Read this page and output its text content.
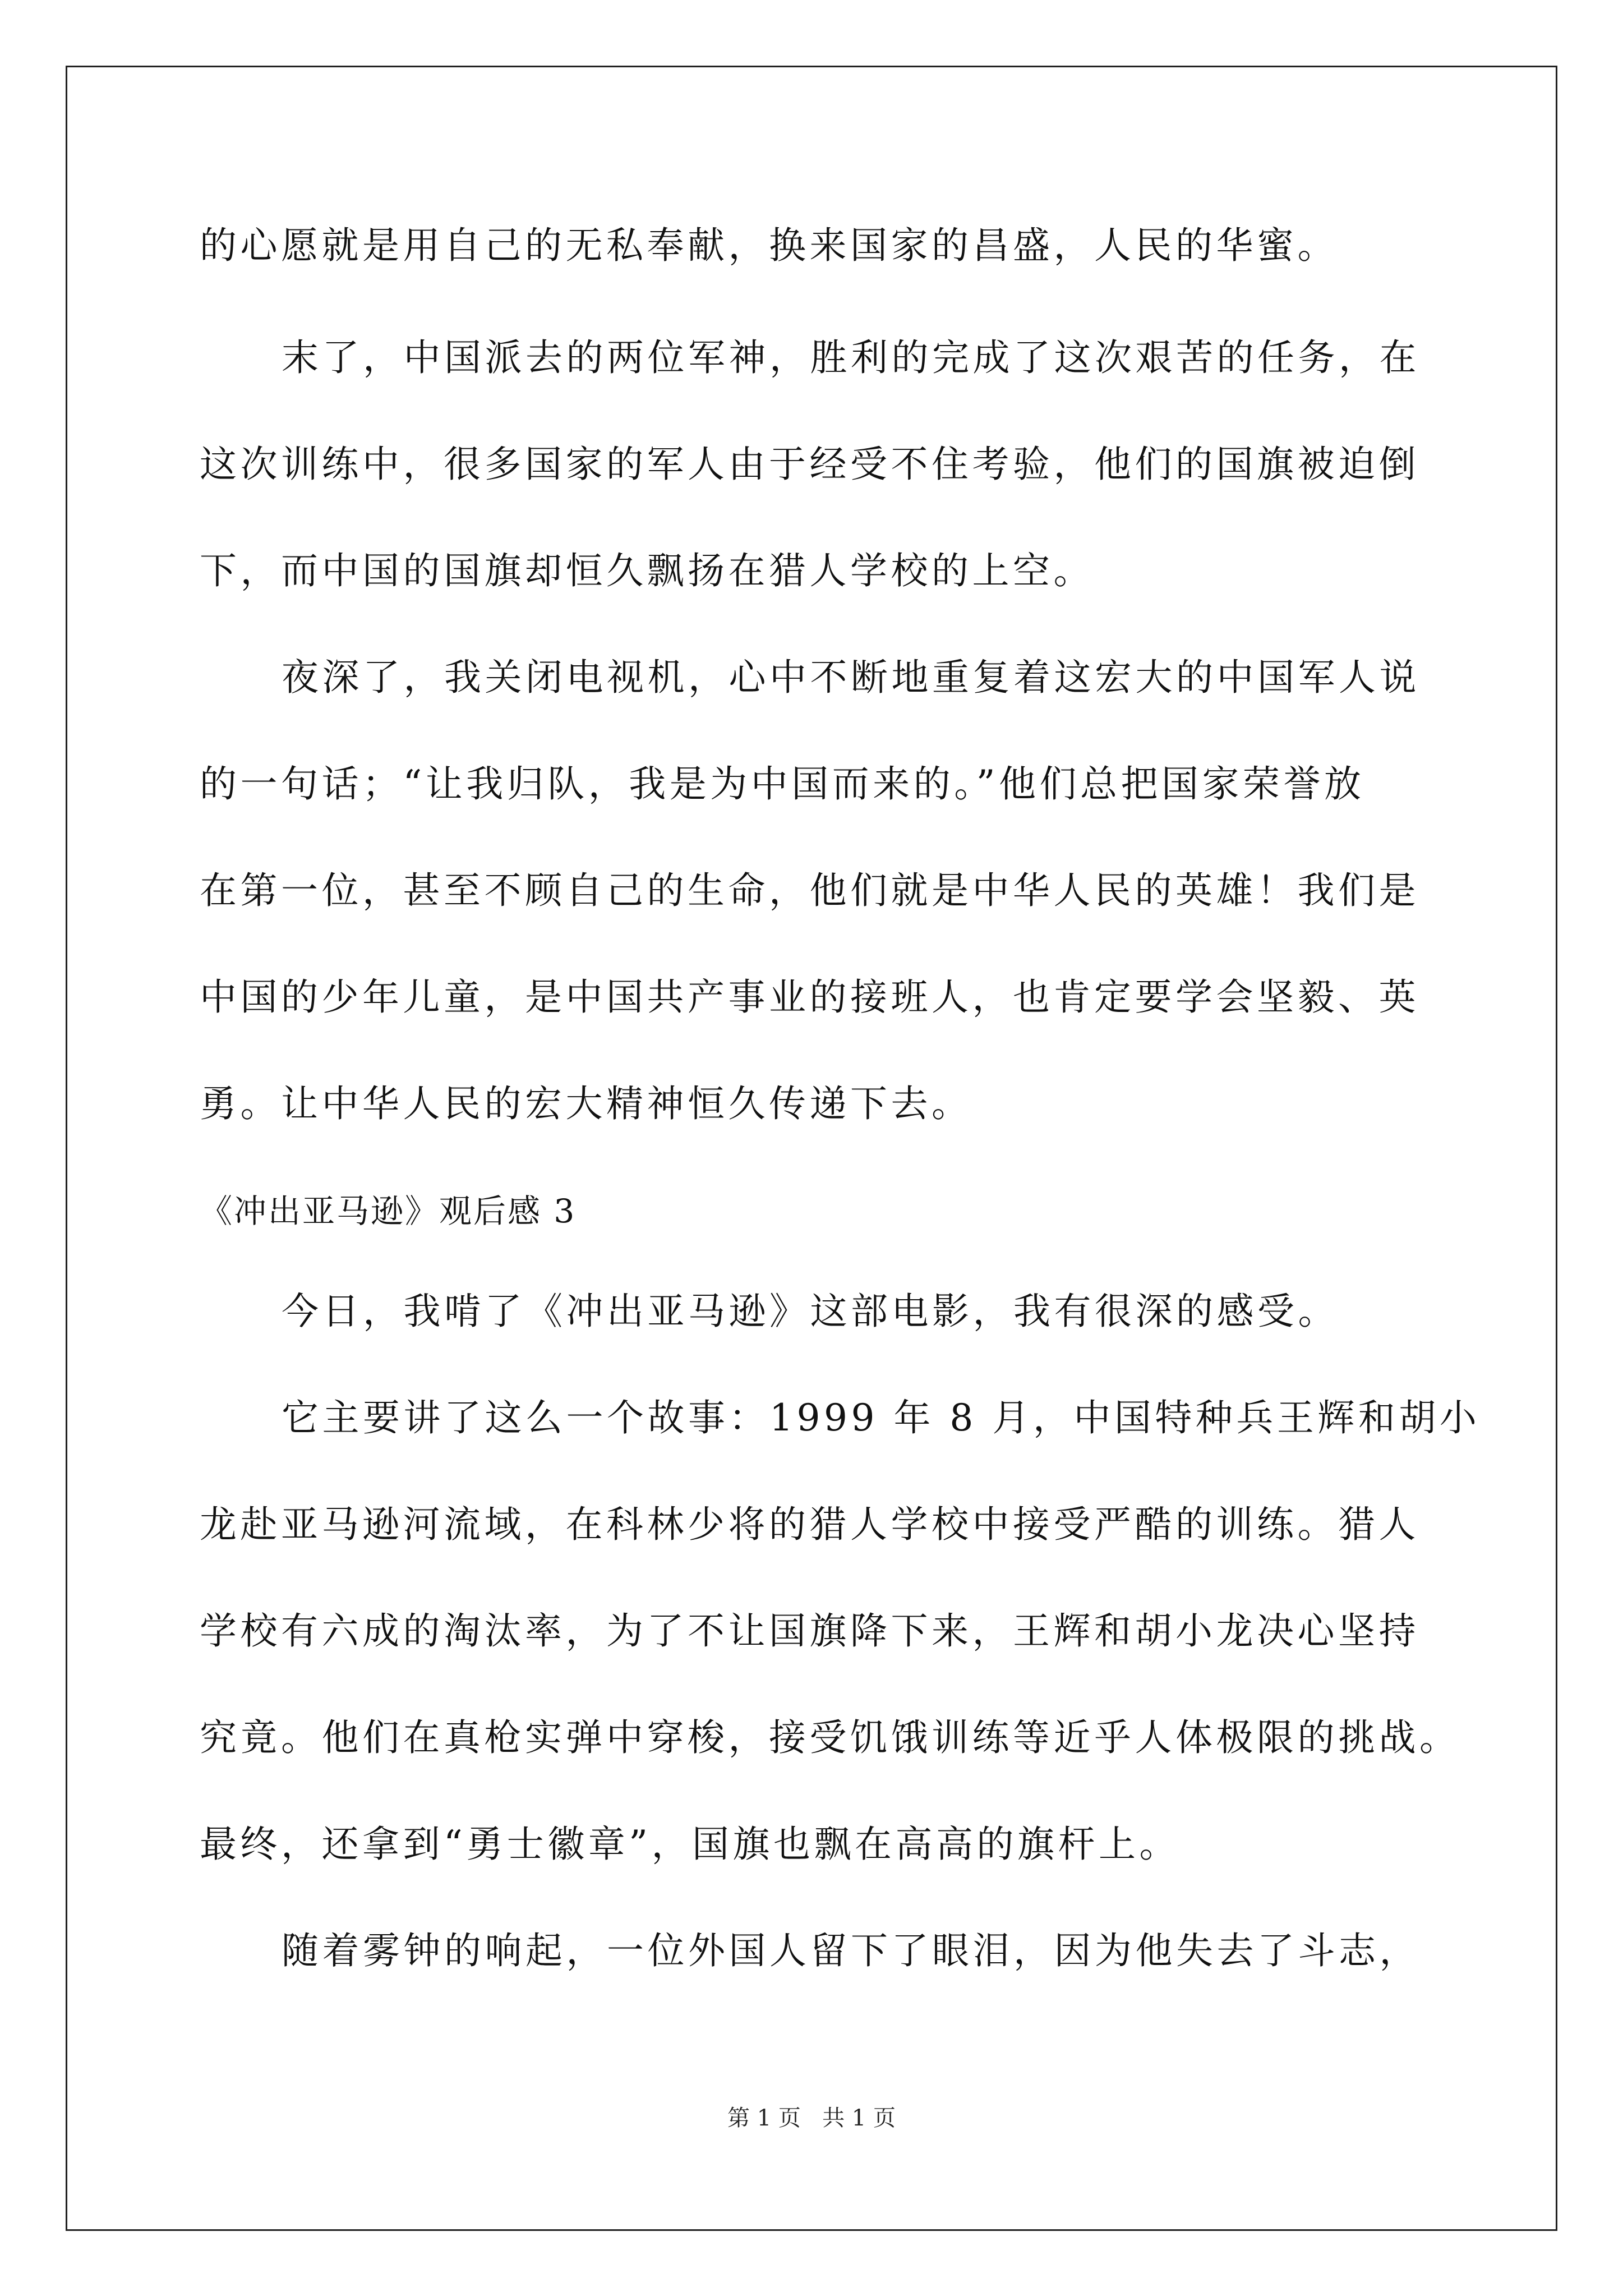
的心愿就是用自己的无私奉献，换来国家的昌盛，人民的华蜜。
末了，中国派去的两位军神，胜利的完成了这次艰苦的任务，在
这次训练中，很多国家的军人由于经受不住考验，他们的国旗被迫倒
下，而中国的国旗却恒久飘扬在猎人学校的上空。
夜深了，我关闭电视机，心中不断地重复着这宏大的中国军人说
的一句话；“让我归队，我是为中国而来的。”他们总把国家荣誉放
在第一位，甚至不顾自己的生命，他们就是中华人民的英雄！我们是
中国的少年儿童，是中国共产事业的接班人，也肯定要学会坚毅、英
勇。让中华人民的宏大精神恒久传递下去。
《冲出亚马逊》观后感 3
今日，我啃了《冲出亚马逊》这部电影，我有很深的感受。
它主要讲了这么一个故事：1999 年 8 月，中国特种兵王辉和胡小
龙赴亚马逊河流域，在科林少将的猎人学校中接受严酷的训练。猎人
学校有六成的淘汰率，为了不让国旗降下来，王辉和胡小龙决心坚持
究竟。他们在真枪实弹中穿梭，接受饥饿训练等近乎人体极限的挑战。
最终，还拿到“勇士徽章”，国旗也飘在高高的旗杆上。
随着雾钟的响起，一位外国人留下了眼泪，因为他失去了斗志，
第 1 页   共 1 页
